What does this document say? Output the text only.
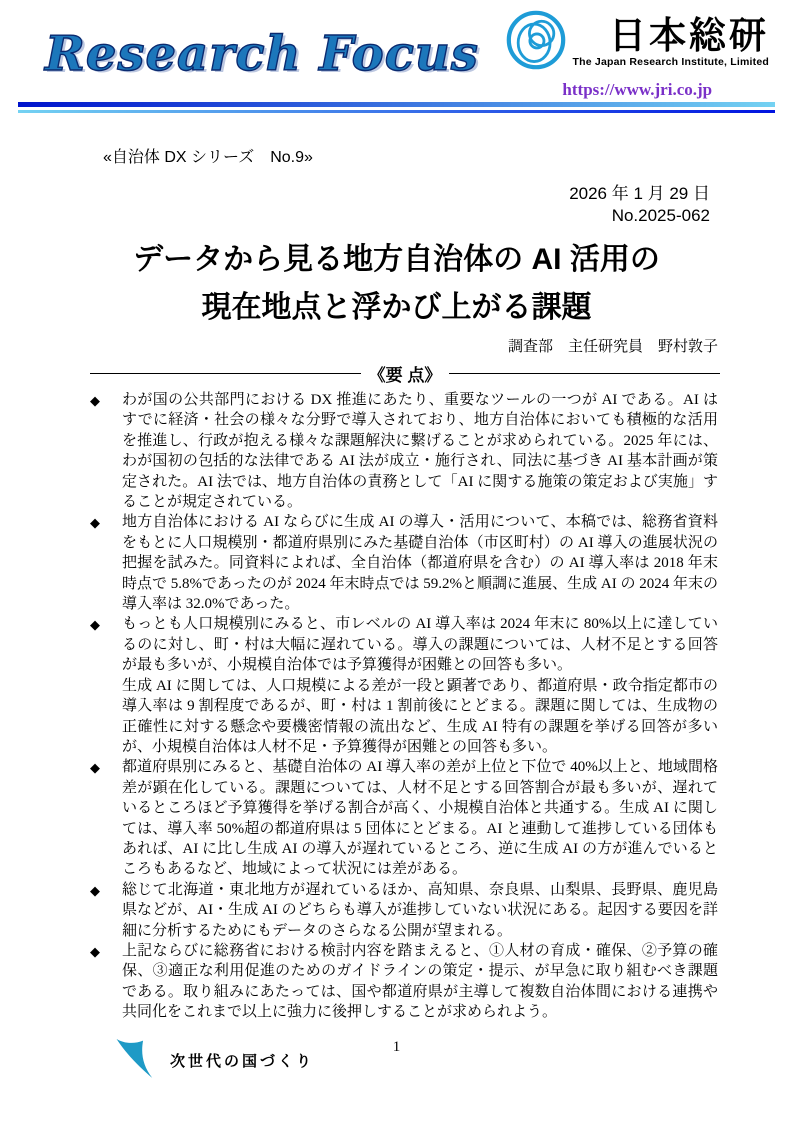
Research Focus	日本総研
The Japan Research Institute, Limited
https://www.jri.co.jp
«自治体 DX シリーズ　No.9»
2026 年 1 月 29 日
No.2025-062
データから見る地方自治体の AI 活用の
現在地点と浮かび上がる課題
調査部　主任研究員　野村敦子
《要 点》
◆	わが国の公共部門における DX 推進にあたり、重要なツールの一つが AI である。AI はすでに経済・社会の様々な分野で導入されており、地方自治体においても積極的な活用を推進し、行政が抱える様々な課題解決に繋げることが求められている。2025 年には、わが国初の包括的な法律である AI 法が成立・施行され、同法に基づき AI 基本計画が策定された。AI 法では、地方自治体の責務として「AI に関する施策の策定および実施」することが規定されている。

◆	地方自治体における AI ならびに生成 AI の導入・活用について、本稿では、総務省資料をもとに人口規模別・都道府県別にみた基礎自治体（市区町村）の AI 導入の進展状況の把握を試みた。同資料によれば、全自治体（都道府県を含む）の AI 導入率は 2018 年末時点で 5.8%であったのが 2024 年末時点では 59.2%と順調に進展、生成 AI の 2024 年末の導入率は 32.0%であった。

◆	もっとも人口規模別にみると、市レベルの AI 導入率は 2024 年末に 80%以上に達しているのに対し、町・村は大幅に遅れている。導入の課題については、人材不足とする回答が最も多いが、小規模自治体では予算獲得が困難との回答も多い。

生成 AI に関しては、人口規模による差が一段と顕著であり、都道府県・政令指定都市の導入率は 9 割程度であるが、町・村は 1 割前後にとどまる。課題に関しては、生成物の正確性に対する懸念や要機密情報の流出など、生成 AI 特有の課題を挙げる回答が多いが、小規模自治体は人材不足・予算獲得が困難との回答も多い。

◆	都道府県別にみると、基礎自治体の AI 導入率の差が上位と下位で 40%以上と、地域間格差が顕在化している。課題については、人材不足とする回答割合が最も多いが、遅れているところほど予算獲得を挙げる割合が高く、小規模自治体と共通する。生成 AI に関しては、導入率 50%超の都道府県は 5 団体にとどまる。AI と連動して進捗している団体もあれば、AI に比し生成 AI の導入が遅れているところ、逆に生成 AI の方が進んでいるところもあるなど、地域によって状況には差がある。

◆	総じて北海道・東北地方が遅れているほか、高知県、奈良県、山梨県、長野県、鹿児島県などが、AI・生成 AI のどちらも導入が進捗していない状況にある。起因する要因を詳細に分析するためにもデータのさらなる公開が望まれる。

◆	上記ならびに総務省における検討内容を踏まえると、①人材の育成・確保、②予算の確保、③適正な利用促進のためのガイドラインの策定・提示、が早急に取り組むべき課題である。取り組みにあたっては、国や都道府県が主導して複数自治体間における連携や共同化をこれまで以上に強力に後押しすることが求められよう。

次世代の国づくり
1
